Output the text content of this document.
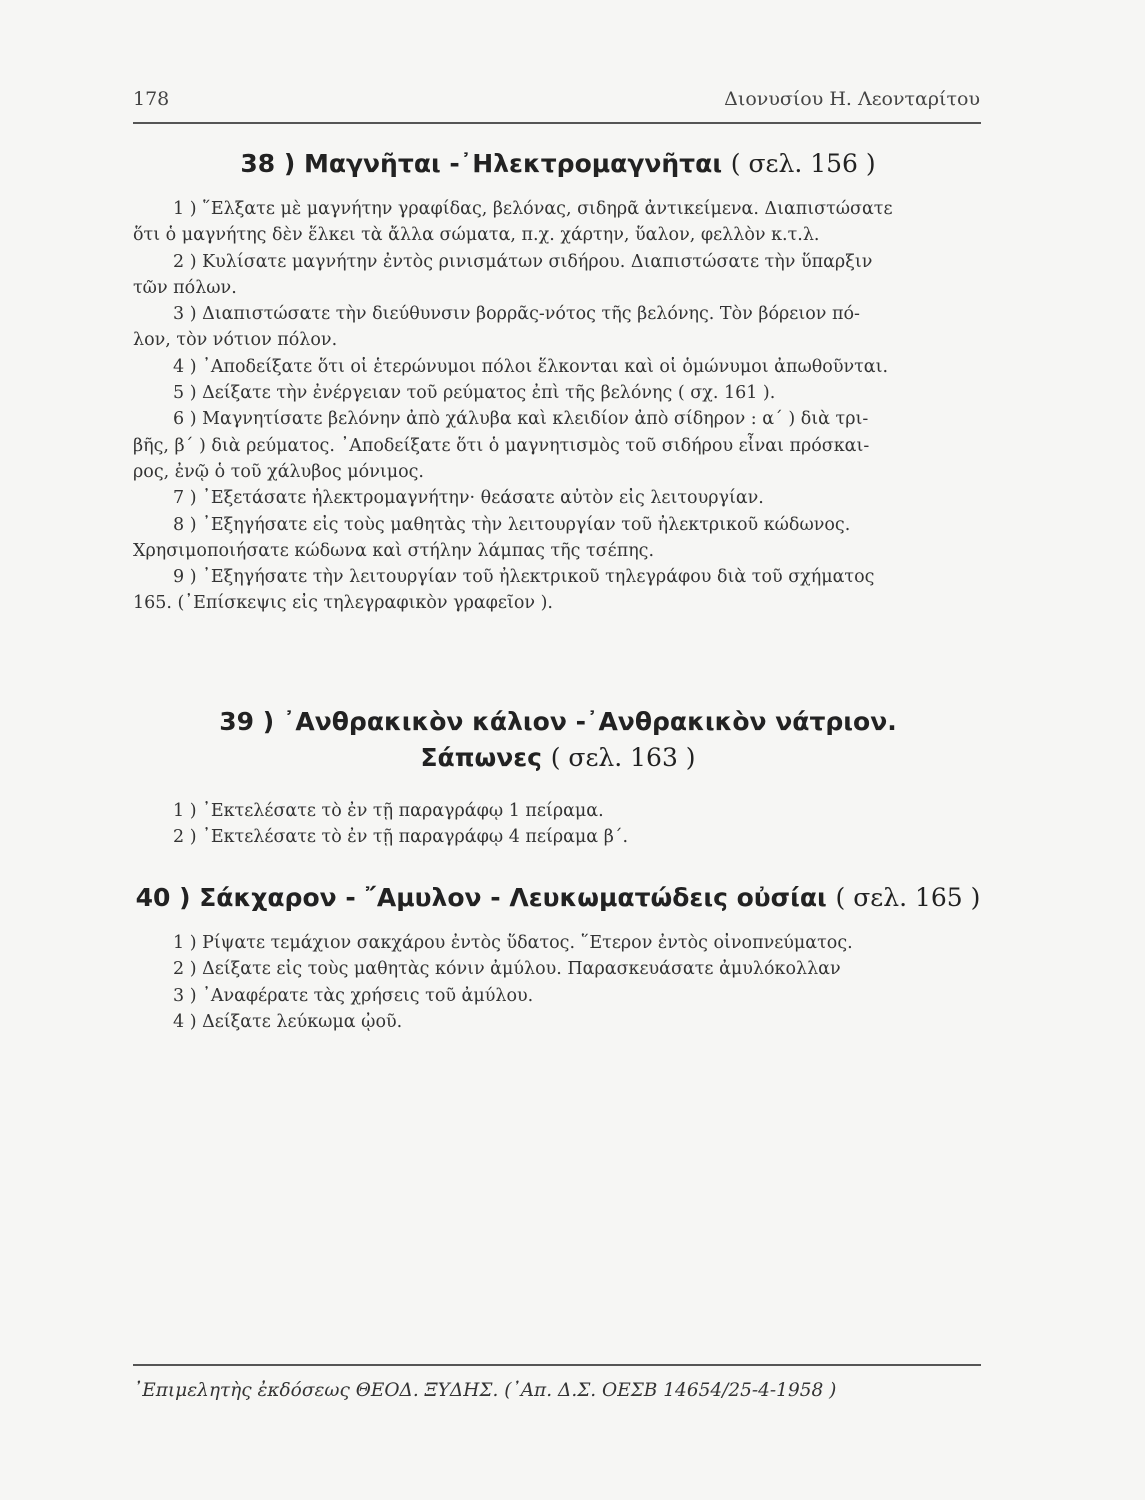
178	Διονυσίου Η. Λεονταρίτου

38 ) Μαγνῆται -᾿Ηλεκτρομαγνῆται ( σελ. 156 )

1 ) ῞Ελξατε μὲ μαγνήτην γραφίδας, βελόνας, σιδηρᾶ ἀντικείμενα. Διαπιστώσατε

ὅτι ὁ μαγνήτης δὲν ἕλκει τὰ ἄλλα σώματα, π.χ. χάρτην, ὕαλον, φελλὸν κ.τ.λ.

2 ) Κυλίσατε μαγνήτην ἐντὸς ρινισμάτων σιδήρου. Διαπιστώσατε τὴν ὕπαρξιν

τῶν πόλων.

3 ) Διαπιστώσατε τὴν διεύθυνσιν βορρᾶς-νότος τῆς βελόνης. Τὸν βόρειον πό-

λον, τὸν νότιον πόλον.

4 ) ᾿Αποδείξατε ὅτι οἱ ἑτερώνυμοι πόλοι ἕλκονται καὶ οἱ ὁμώνυμοι ἀπωθοῦνται.

5 ) Δείξατε τὴν ἐνέργειαν τοῦ ρεύματος ἐπὶ τῆς βελόνης ( σχ. 161 ).

6 ) Μαγνητίσατε βελόνην ἀπὸ χάλυβα καὶ κλειδίον ἀπὸ σίδηρον : α΄ ) διὰ τρι-

βῆς, β΄ ) διὰ ρεύματος. ᾿Αποδείξατε ὅτι ὁ μαγνητισμὸς τοῦ σιδήρου εἶναι πρόσκαι-

ρος, ἐνῷ ὁ τοῦ χάλυβος μόνιμος.

7 ) ᾿Εξετάσατε ἠλεκτρομαγνήτην· θεάσατε αὐτὸν εἰς λειτουργίαν.

8 ) ᾿Εξηγήσατε εἰς τοὺς μαθητὰς τὴν λειτουργίαν τοῦ ἠλεκτρικοῦ κώδωνος.

Χρησιμοποιήσατε κώδωνα καὶ στήλην λάμπας τῆς τσέπης.

9 ) ᾿Εξηγήσατε τὴν λειτουργίαν τοῦ ἠλεκτρικοῦ τηλεγράφου διὰ τοῦ σχήματος

165. (᾿Επίσκεψις εἰς τηλεγραφικὸν γραφεῖον ).

39 ) ᾿Ανθρακικὸν κάλιον -᾿Ανθρακικὸν νάτριον.

Σάπωνες ( σελ. 163 )

1 ) ᾿Εκτελέσατε τὸ ἐν τῇ παραγράφῳ 1 πείραμα.

2 ) ᾿Εκτελέσατε τὸ ἐν τῇ παραγράφῳ 4 πείραμα β΄.

40 ) Σάκχαρον - ῎Αμυλον - Λευκωματώδεις οὐσίαι ( σελ. 165 )

1 ) Ρίψατε τεμάχιον σακχάρου ἐντὸς ὕδατος. ῞Ετερον ἐντὸς οἰνοπνεύματος.

2 ) Δείξατε εἰς τοὺς μαθητὰς κόνιν ἀμύλου. Παρασκευάσατε ἀμυλόκολλαν

3 ) ᾿Αναφέρατε τὰς χρήσεις τοῦ ἀμύλου.

4 ) Δείξατε λεύκωμα ᾠοῦ.

᾿Επιμελητὴς ἐκδόσεως ΘΕΟΔ. ΞΥΔΗΣ. (᾿Απ. Δ.Σ. ΟΕΣΒ 14654/25-4-1958 )
